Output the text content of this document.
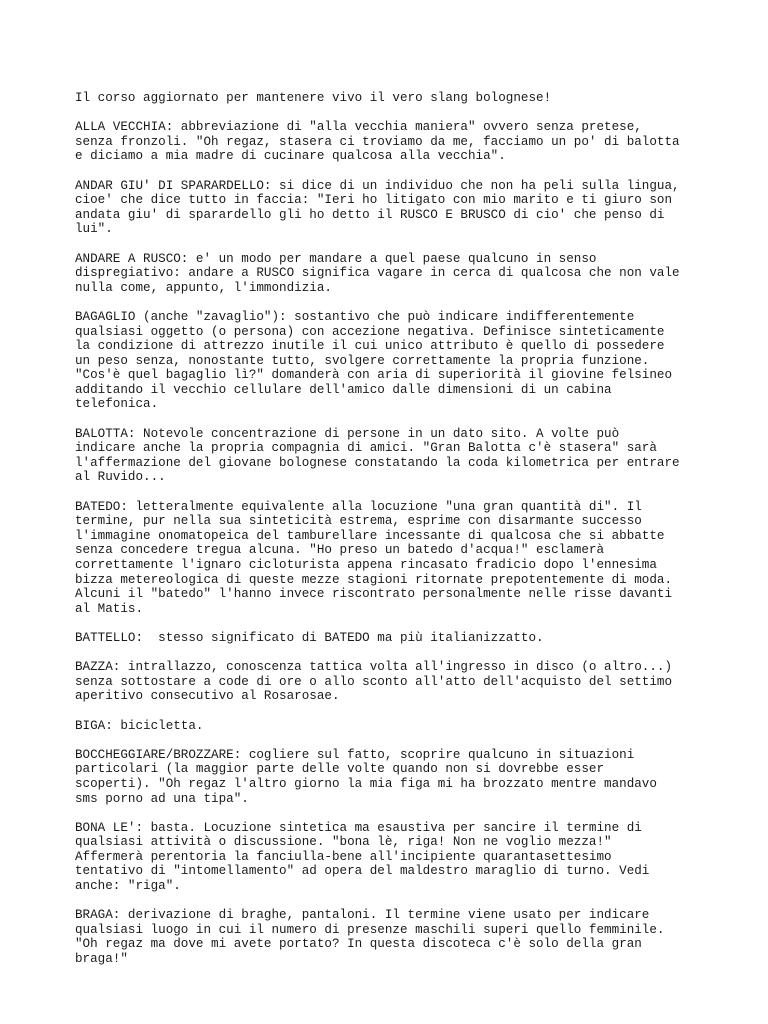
Il corso aggiornato per mantenere vivo il vero slang bolognese!

ALLA VECCHIA: abbreviazione di "alla vecchia maniera" ovvero senza pretese,
senza fronzoli. "Oh regaz, stasera ci troviamo da me, facciamo un po' di balotta
e diciamo a mia madre di cucinare qualcosa alla vecchia".

ANDAR GIU' DI SPARARDELLO: si dice di un individuo che non ha peli sulla lingua,
cioe' che dice tutto in faccia: "Ieri ho litigato con mio marito e ti giuro son
andata giu' di sparardello gli ho detto il RUSCO E BRUSCO di cio' che penso di
lui".

ANDARE A RUSCO: e' un modo per mandare a quel paese qualcuno in senso
dispregiativo: andare a RUSCO significa vagare in cerca di qualcosa che non vale
nulla come, appunto, l'immondizia.

BAGAGLIO (anche "zavaglio"): sostantivo che può indicare indifferentemente
qualsiasi oggetto (o persona) con accezione negativa. Definisce sinteticamente
la condizione di attrezzo inutile il cui unico attributo è quello di possedere
un peso senza, nonostante tutto, svolgere correttamente la propria funzione.
"Cos'è quel bagaglio lì?" domanderà con aria di superiorità il giovine felsineo
additando il vecchio cellulare dell'amico dalle dimensioni di un cabina
telefonica.

BALOTTA: Notevole concentrazione di persone in un dato sito. A volte può
indicare anche la propria compagnia di amici. "Gran Balotta c'è stasera" sarà
l'affermazione del giovane bolognese constatando la coda kilometrica per entrare
al Ruvido...

BATEDO: letteralmente equivalente alla locuzione "una gran quantità di". Il
termine, pur nella sua sinteticità estrema, esprime con disarmante successo
l'immagine onomatopeica del tamburellare incessante di qualcosa che si abbatte
senza concedere tregua alcuna. "Ho preso un batedo d'acqua!" esclamerà
correttamente l'ignaro cicloturista appena rincasato fradicio dopo l'ennesima
bizza metereologica di queste mezze stagioni ritornate prepotentemente di moda.
Alcuni il "batedo" l'hanno invece riscontrato personalmente nelle risse davanti
al Matis.

BATTELLO:  stesso significato di BATEDO ma più italianizzatto.

BAZZA: intrallazzo, conoscenza tattica volta all'ingresso in disco (o altro...)
senza sottostare a code di ore o allo sconto all'atto dell'acquisto del settimo
aperitivo consecutivo al Rosarosae.

BIGA: bicicletta.

BOCCHEGGIARE/BROZZARE: cogliere sul fatto, scoprire qualcuno in situazioni
particolari (la maggior parte delle volte quando non si dovrebbe esser
scoperti). "Oh regaz l'altro giorno la mia figa mi ha brozzato mentre mandavo
sms porno ad una tipa".

BONA LE': basta. Locuzione sintetica ma esaustiva per sancire il termine di
qualsiasi attività o discussione. "bona lè, riga! Non ne voglio mezza!"
Affermerà perentoria la fanciulla-bene all'incipiente quarantasettesimo
tentativo di "intomellamento" ad opera del maldestro maraglio di turno. Vedi
anche: "riga".

BRAGA: derivazione di braghe, pantaloni. Il termine viene usato per indicare
qualsiasi luogo in cui il numero di presenze maschili superi quello femminile.
"Oh regaz ma dove mi avete portato? In questa discoteca c'è solo della gran
braga!"
